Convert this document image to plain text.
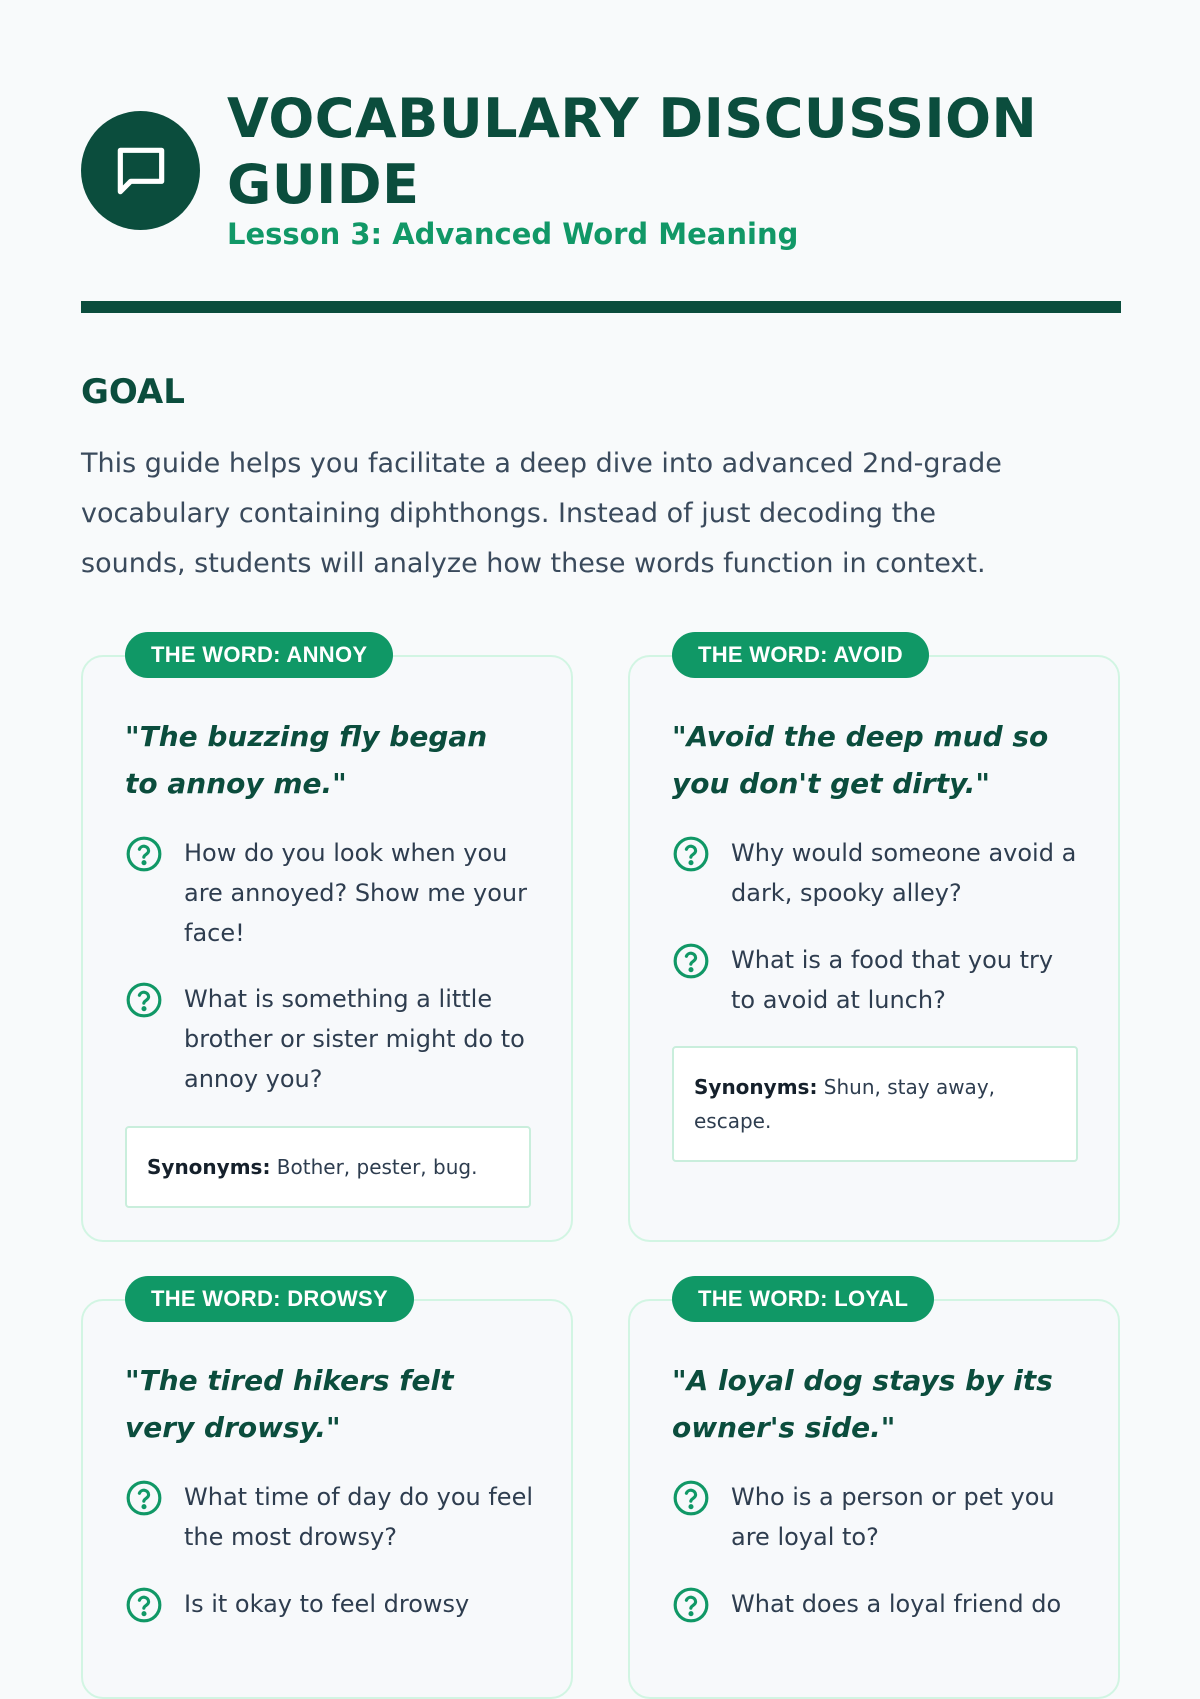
VOCABULARY DISCUSSION GUIDE

Lesson 3: Advanced Word Meaning

GOAL

This guide helps you facilitate a deep dive into advanced 2nd-grade vocabulary containing diphthongs. Instead of just decoding the sounds, students will analyze how these words function in context.

THE WORD: ANNOY

"The buzzing fly began to annoy me."

How do you look when you are annoyed? Show me your face!

What is something a little brother or sister might do to annoy you?

Synonyms: Bother, pester, bug.
THE WORD: AVOID

"Avoid the deep mud so you don't get dirty."

Why would someone avoid a dark, spooky alley?

What is a food that you try to avoid at lunch?

Synonyms: Shun, stay away, escape.
THE WORD: DROWSY

"The tired hikers felt very drowsy."

What time of day do you feel the most drowsy?

Is it okay to feel drowsy

THE WORD: LOYAL

"A loyal dog stays by its owner's side."

Who is a person or pet you are loyal to?

What does a loyal friend do
